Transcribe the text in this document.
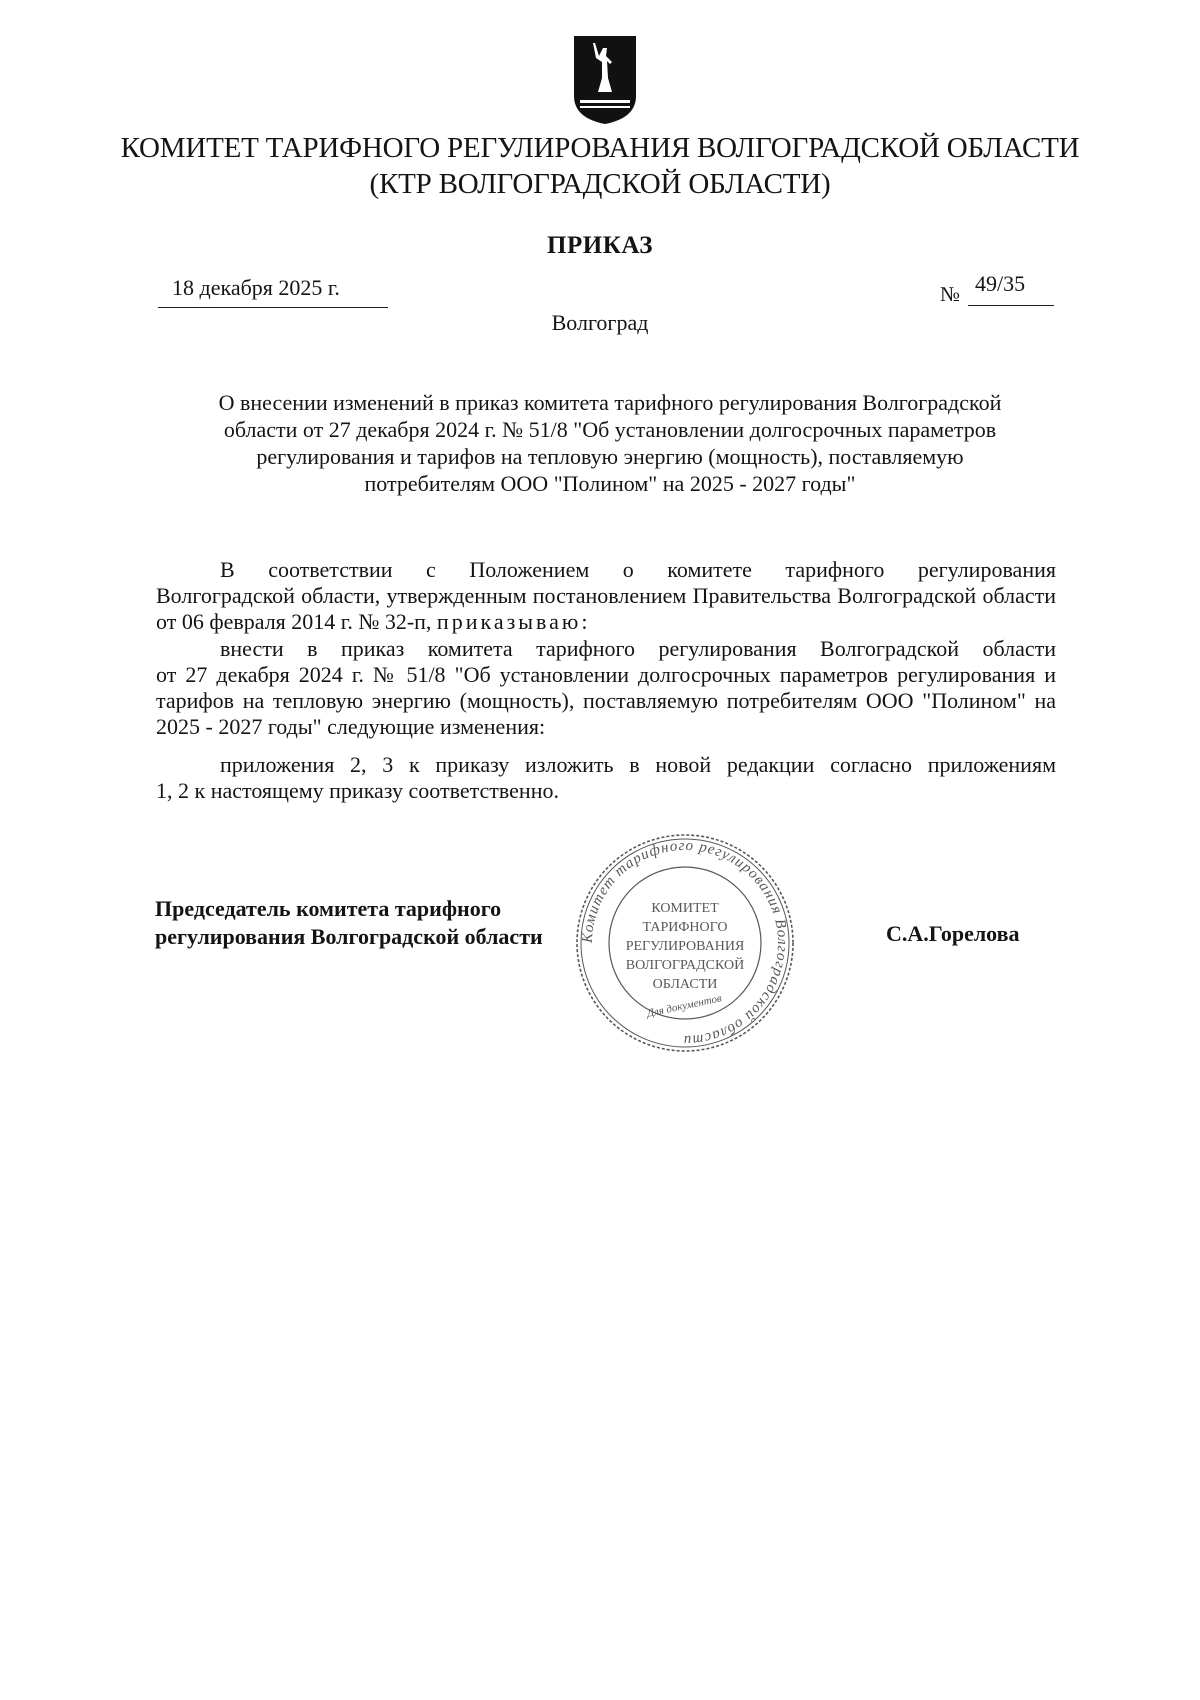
КОМИТЕТ ТАРИФНОГО РЕГУЛИРОВАНИЯ ВОЛГОГРАДСКОЙ ОБЛАСТИ
(КТР ВОЛГОГРАДСКОЙ ОБЛАСТИ)
ПРИКАЗ
18 декабря 2025 г.	№ 49/35
Волгоград
О внесении изменений в приказ комитета тарифного регулирования Волгоградской
области от 27 декабря 2024 г. № 51/8 "Об установлении долгосрочных параметров
регулирования и тарифов на тепловую энергию (мощность), поставляемую
потребителям ООО "Полином" на 2025 - 2027 годы"
В соответствии с Положением о комитете тарифного регулирования
Волгоградской области, утвержденным постановлением Правительства Волгоградской области от 06 февраля 2014 г. № 32-п, приказываю:
внести в приказ комитета тарифного регулирования Волгоградской области
от 27 декабря 2024 г. № 51/8 "Об установлении долгосрочных параметров регулирования и тарифов на тепловую энергию (мощность), поставляемую потребителям ООО "Полином" на 2025 - 2027 годы" следующие изменения:
приложения 2, 3 к приказу изложить в новой редакции согласно приложениям
1, 2 к настоящему приказу соответственно.
Председатель комитета тарифного
регулирования Волгоградской области	С.А.Горелова
Комитет тарифного регулирования Волгоградской области
КОМИТЕТ
ТАРИФНОГО
РЕГУЛИРОВАНИЯ
ВОЛГОГРАДСКОЙ
ОБЛАСТИ
Для документов
